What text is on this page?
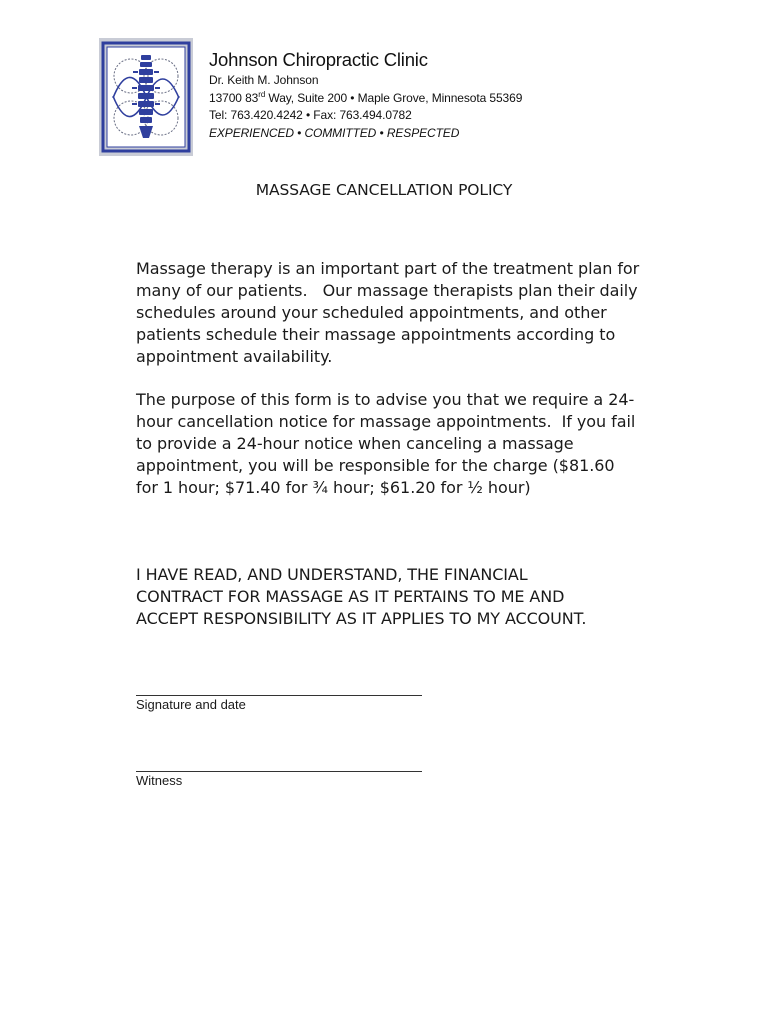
Johnson Chiropractic Clinic
Dr. Keith M. Johnson
13700 83rd Way, Suite 200 • Maple Grove, Minnesota 55369
Tel: 763.420.4242 • Fax: 763.494.0782
EXPERIENCED • COMMITTED • RESPECTED
MASSAGE CANCELLATION POLICY
Massage therapy is an important part of the treatment plan for
many of our patients.   Our massage therapists plan their daily
schedules around your scheduled appointments, and other
patients schedule their massage appointments according to
appointment availability.
The purpose of this form is to advise you that we require a 24-
hour cancellation notice for massage appointments.  If you fail
to provide a 24-hour notice when canceling a massage
appointment, you will be responsible for the charge ($81.60
for 1 hour; $71.40 for ¾ hour; $61.20 for ½ hour)
I HAVE READ, AND UNDERSTAND, THE FINANCIAL
CONTRACT FOR MASSAGE AS IT PERTAINS TO ME AND
ACCEPT RESPONSIBILITY AS IT APPLIES TO MY ACCOUNT.
Signature and date
Witness
